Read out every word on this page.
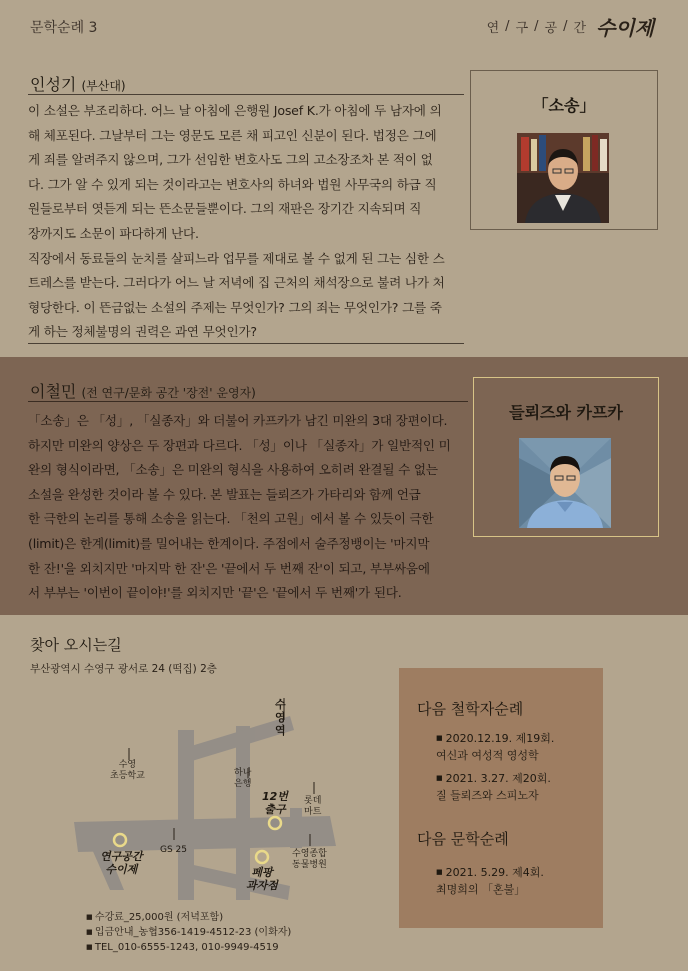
문학순례 3	연 / 구 / 공 / 간 수이제
인성기 (부산대)

이 소설은 부조리하다. 어느 날 아침에 은행원 Josef K.가 아침에 두 남자에 의

해 체포된다. 그날부터 그는 영문도 모른 채 피고인 신분이 된다. 법정은 그에

게 죄를 알려주지 않으며, 그가 선임한 변호사도 그의 고소장조차 본 적이 없

다. 그가 알 수 있게 되는 것이라고는 변호사의 하녀와 법원 사무국의 하급 직

원들로부터 엿듣게 되는 뜬소문들뿐이다. 그의 재판은 장기간 지속되며 직

장까지도 소문이 파다하게 난다.

직장에서 동료들의 눈치를 살피느라 업무를 제대로 볼 수 없게 된 그는 심한 스

트레스를 받는다. 그러다가 어느 날 저녁에 집 근처의 채석장으로 불려 나가 처

형당한다. 이 뜬금없는 소설의 주제는 무엇인가? 그의 죄는 무엇인가? 그를 죽

게 하는 정체불명의 권력은 과연 무엇인가?

「소송」
이철민 (전 연구/문화 공간 '장전' 운영자)

「소송」은 「성」, 「실종자」와 더불어 카프카가 남긴 미완의 3대 장편이다.

하지만 미완의 양상은 두 장편과 다르다. 「성」이나 「실종자」가 일반적인 미

완의 형식이라면, 「소송」은 미완의 형식을 사용하여 오히려 완결될 수 없는

소설을 완성한 것이라 볼 수 있다. 본 발표는 들뢰즈가 가타리와 함께 언급

한 극한의 논리를 통해 소송을 읽는다. 「천의 고원」에서 볼 수 있듯이 극한

(limit)은 한계(limit)를 밀어내는 한계이다. 주점에서 술주정뱅이는 '마지막

한 잔!'을 외치지만 '마지막 한 잔'은 '끝에서 두 번째 잔'이 되고, 부부싸움에

서 부부는 '이번이 끝이야!'를 외치지만 '끝'은 '끝에서 두 번째'가 된다.

들뢰즈와 카프카
찾아 오시는길
부산광역시 수영구 광서로 24 (떡집) 2층
수영
초등학교	하나
은행
수
영
역
12번
출구
롯데
마트
GS 25	수영종합
동물병원
연구공간
수이제	페팡
과자점
■ 수강료_25,000원 (저녁포함)
■ 입금안내_농협356-1419-4512-23 (이화자)
■ TEL_010-6555-1243, 010-9949-4519
다음 철학자순례
■ 2020.12.19. 제19회.
여신과 여성적 영성학
■ 2021. 3.27. 제20회.
질 들뢰즈와 스피노자
다음 문학순례
■ 2021. 5.29. 제4회.
최명희의 「혼불」
